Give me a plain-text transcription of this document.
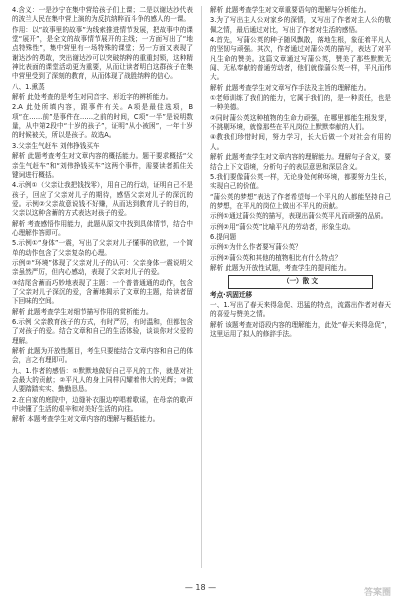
4.含义：一是沙宁在集中营给孩子们上课；二是以谢达沙代表的波兰人民在集中营上演的为反抗纳粹而斗争的感人的一课。

作用：以“故事里的故事”为线索推进情节发展，把故事中的课堂“展开”，是全文的故事情节展开的主线；一方面写出了“地点特殊性”，集中营里有一场特殊的课堂；另一方面又表现了谢达沙的勇敢，突出谢达沙可以突破纳粹的重重封锁，这种精神比表面的课堂活动更为重要，从而让读者明白这群孩子在集中营里受到了深刻的教育，从而体现了战胜纳粹的信心。

八、1.熏蒸

解析 此处考查的是考生对同音字、形近字的辨析能力。

2.A 此处所填内容，跟事件有关。A项是最佳选项，B项“在……前”是事件在……之前的时间，C项“一半”是说明数量，从中第2段中“十岁的孩子”，证明“从小被困”，一年十岁的时候被关，所以是孩子。故选A。

3.父亲生气赶车 刘伟挣钱买车

解析 此题考查考生对文章内容的概括能力。题干要求概括“父亲生气赶车”和“刘伟挣钱买车”这两个事件，需要读者抓住关键词进行概括。

4.示例①（父亲让我把钱找零），用自己的行动，证明自己不是孩子，回应了父亲对儿子的期待，感悟父亲对儿子的深沉的爱。示例②父亲故意说钱不好赚，从而达到教育儿子的目的，父亲以这种含蓄的方式表达对孩子的爱。

解析 考查感悟作用能力，此题从原文中找到具体情节，结合中心理解作答即可。

5.示例①“身体”一震，写出了父亲对儿子懂事的欣慰，一个简单的动作包含了父亲复杂的心理。

示例②“环境”体现了父亲对儿子的认可：父亲身体一震说明父亲虽然严厉，但内心感动，表现了父亲对儿子的爱。

③结尾含蓄而巧妙地表现了主题：一个普普通通的动作，包含了父亲对儿子深沉的爱，含蓄地揭示了文章的主题，给读者留下回味的空间。

解析 此题考查学生对细节描写作用的赏析能力。

6.示例 父亲教育孩子的方式，有时严厉，有时温和，但都包含了对孩子的爱。结合文章和自己的生活体验，谈谈你对父爱的理解。

解析 此题为开放性题目，考生只要能结合文章内容和自己的体会，言之有理即可。

九、1.作者的感悟：①默默地做好自己平凡的工作，就是对社会最大的贡献；②平凡人的身上同样闪耀着伟大的光辉；③做人要踏踏实实、勤勤恳恳。

2.在自家的庭院中，边缝补衣服边哼唱着歌谣，在母亲的歌声中读懂了生活的艰辛和对美好生活的向往。

解析 本题考查学生对文章内容的理解与概括能力。

解析 此题考查学生对文章重要语句的理解与分析能力。

3.为了写出主人公对家乡的深情，又写出了作者对主人公的敬佩之情，最后通过对比，写出了作者对生活的感悟。

4.首先，写蒲公英的种子随风飘散，落地生根，象征着平凡人的坚韧与顽强。其次，作者通过对蒲公英的描写，表达了对平凡生命的赞美。这篇文章通过写蒲公英，赞美了那些默默无闻、无私奉献的普通劳动者，他们就像蒲公英一样，平凡而伟大。

解析 此题考查学生对文章写作手法及主旨的理解能力。

①老师训练了我们的能力，它属于我们的，是一种责任，也是一种美德。

②同时蒲公英这种植物的生命力顽强，在哪里都能生根发芽，不挑剔环境，就像那些在平凡岗位上默默奉献的人们。

④教我们珍惜时间，努力学习，长大后做一个对社会有用的人。

解析 此题考查学生对文章内容的理解能力。理解句子含义，要结合上下文语境，分析句子的表层意思和深层含义。

5.我们要像蒲公英一样，无论身处何种环境，都要努力生长，实现自己的价值。

“蒲公英的梦想”表达了作者希望每一个平凡的人都能坚持自己的梦想，在平凡的岗位上做出不平凡的贡献。

示例①通过蒲公英的描写，表现出蒲公英平凡而顽强的品质。

示例②用“蒲公英”比喻平凡的劳动者，形象生动。

6.提问题

示例①为什么作者要写蒲公英？

示例②蒲公英和其他的植物相比有什么特点？

解析 此题为开放性试题，考查学生的提问能力。

（一）散 文

考点·巩固迁移

一、1.写出了春天来得急促、迅猛的特点，流露出作者对春天的喜爱与赞美之情。

解析 该题考查对语段内容的理解能力，此处“春天来得急促”，这里运用了拟人的修辞手法。

— 18 —
答案圈
